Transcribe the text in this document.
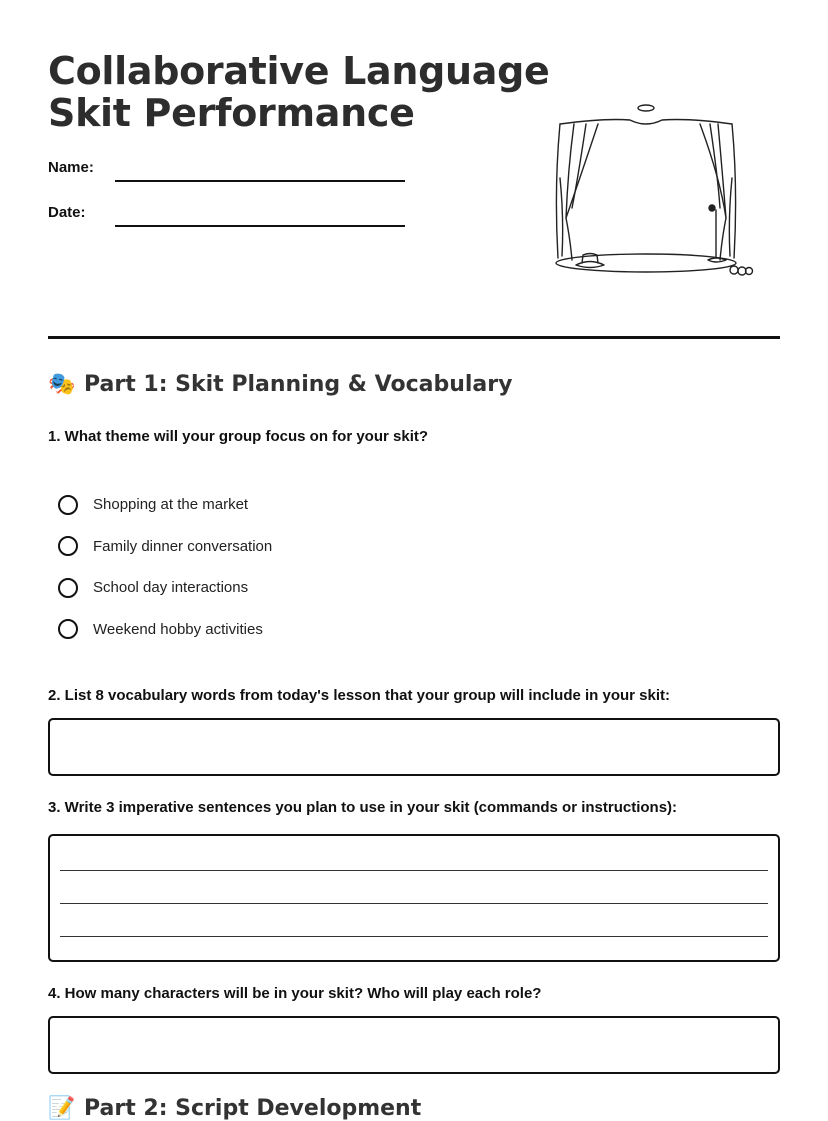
Collaborative Language
Skit Performance
Name:
Date:
🎭 Part 1: Skit Planning & Vocabulary
1. What theme will your group focus on for your skit?
Shopping at the market
Family dinner conversation
School day interactions
Weekend hobby activities
2. List 8 vocabulary words from today's lesson that your group will include in your skit:
3. Write 3 imperative sentences you plan to use in your skit (commands or instructions):
4. How many characters will be in your skit? Who will play each role?
📝 Part 2: Script Development
